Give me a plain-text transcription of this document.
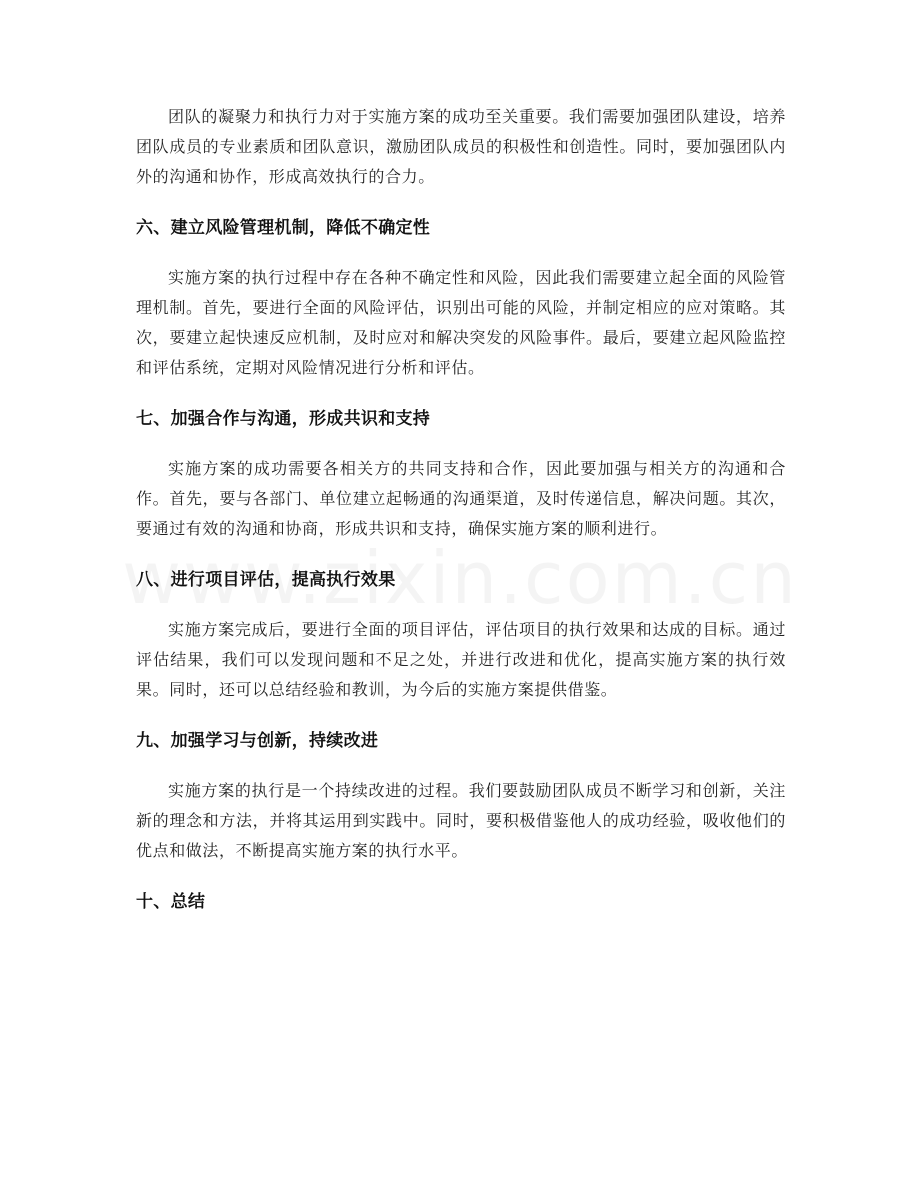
团队的凝聚力和执行力对于实施方案的成功至关重要。我们需要加强团队建设，培养团队成员的专业素质和团队意识，激励团队成员的积极性和创造性。同时，要加强团队内外的沟通和协作，形成高效执行的合力。

六、建立风险管理机制，降低不确定性

实施方案的执行过程中存在各种不确定性和风险，因此我们需要建立起全面的风险管理机制。首先，要进行全面的风险评估，识别出可能的风险，并制定相应的应对策略。其次，要建立起快速反应机制，及时应对和解决突发的风险事件。最后，要建立起风险监控和评估系统，定期对风险情况进行分析和评估。

七、加强合作与沟通，形成共识和支持

实施方案的成功需要各相关方的共同支持和合作，因此要加强与相关方的沟通和合作。首先，要与各部门、单位建立起畅通的沟通渠道，及时传递信息，解决问题。其次，要通过有效的沟通和协商，形成共识和支持，确保实施方案的顺利进行。

八、进行项目评估，提高执行效果

实施方案完成后，要进行全面的项目评估，评估项目的执行效果和达成的目标。通过评估结果，我们可以发现问题和不足之处，并进行改进和优化，提高实施方案的执行效果。同时，还可以总结经验和教训，为今后的实施方案提供借鉴。

九、加强学习与创新，持续改进

实施方案的执行是一个持续改进的过程。我们要鼓励团队成员不断学习和创新，关注新的理念和方法，并将其运用到实践中。同时，要积极借鉴他人的成功经验，吸收他们的优点和做法，不断提高实施方案的执行水平。

十、总结
